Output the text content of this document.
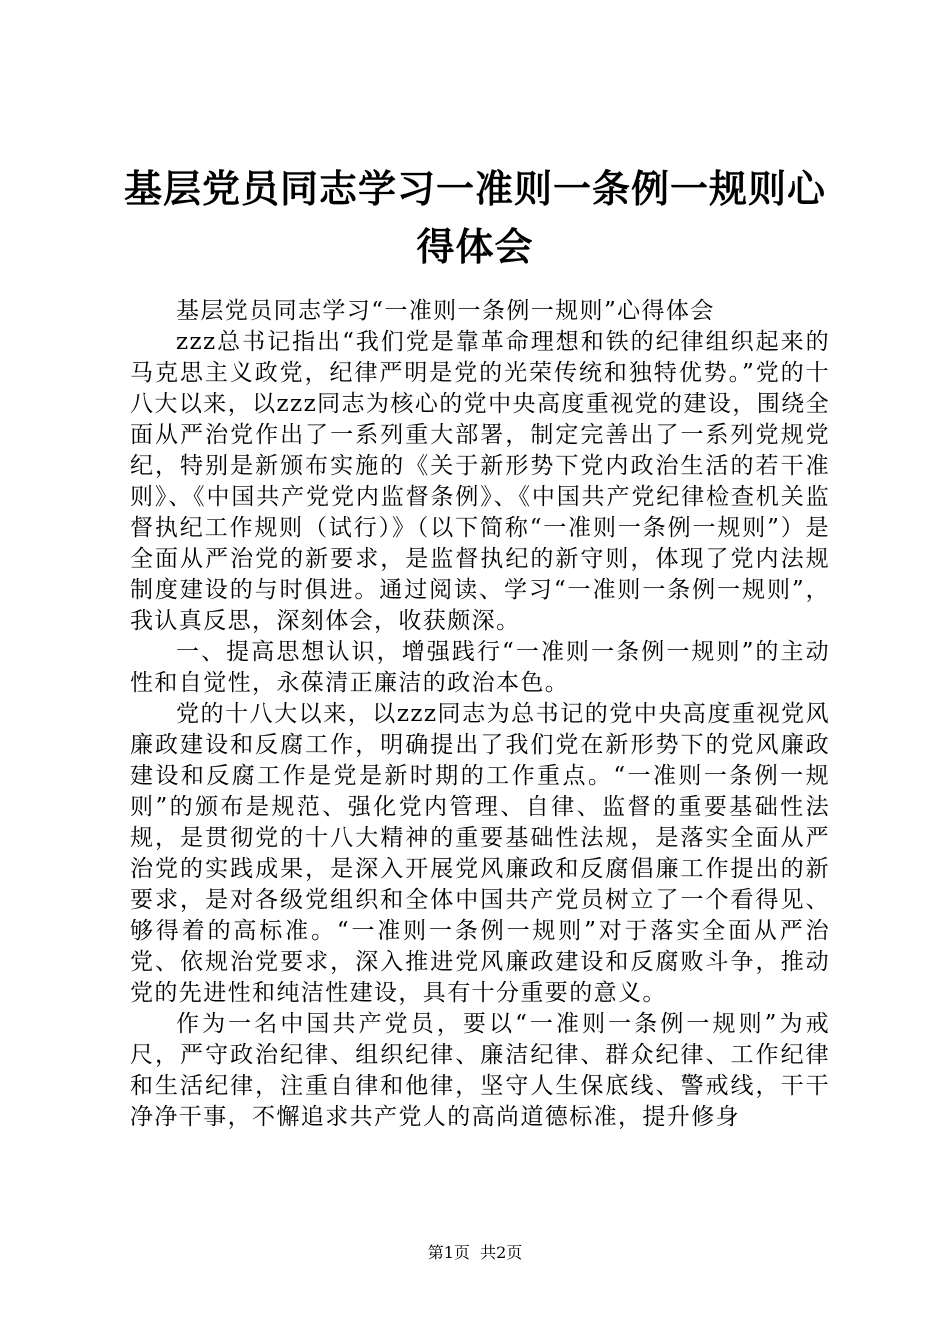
基层党员同志学习一准则一条例一规则心得体会

基层党员同志学习“一准则一条例一规则”心得体会

zzz总书记指出“我们党是靠革命理想和铁的纪律组织起来的马克思主义政党，纪律严明是党的光荣传统和独特优势。”党的十八大以来，以zzz同志为核心的党中央高度重视党的建设，围绕全面从严治党作出了一系列重大部署，制定完善出了一系列党规党纪，特别是新颁布实施的《关于新形势下党内政治生活的若干准则》、《中国共产党党内监督条例》、《中国共产党纪律检查机关监督执纪工作规则（试行）》（以下简称“一准则一条例一规则”）是全面从严治党的新要求，是监督执纪的新守则，体现了党内法规制度建设的与时俱进。通过阅读、学习“一准则一条例一规则”，我认真反思，深刻体会，收获颇深。

一、提高思想认识，增强践行“一准则一条例一规则”的主动性和自觉性，永葆清正廉洁的政治本色。

党的十八大以来，以zzz同志为总书记的党中央高度重视党风廉政建设和反腐工作，明确提出了我们党在新形势下的党风廉政建设和反腐工作是党是新时期的工作重点。“一准则一条例一规则”的颁布是规范、强化党内管理、自律、监督的重要基础性法规，是贯彻党的十八大精神的重要基础性法规，是落实全面从严治党的实践成果，是深入开展党风廉政和反腐倡廉工作提出的新要求，是对各级党组织和全体中国共产党员树立了一个看得见、够得着的高标准。“一准则一条例一规则”对于落实全面从严治党、依规治党要求，深入推进党风廉政建设和反腐败斗争，推动党的先进性和纯洁性建设，具有十分重要的意义。

作为一名中国共产党员，要以“一准则一条例一规则”为戒尺，严守政治纪律、组织纪律、廉洁纪律、群众纪律、工作纪律和生活纪律，注重自律和他律，坚守人生保底线、警戒线，干干净净干事，不懈追求共产党人的高尚道德标准，提升修身

第1页  共2页
